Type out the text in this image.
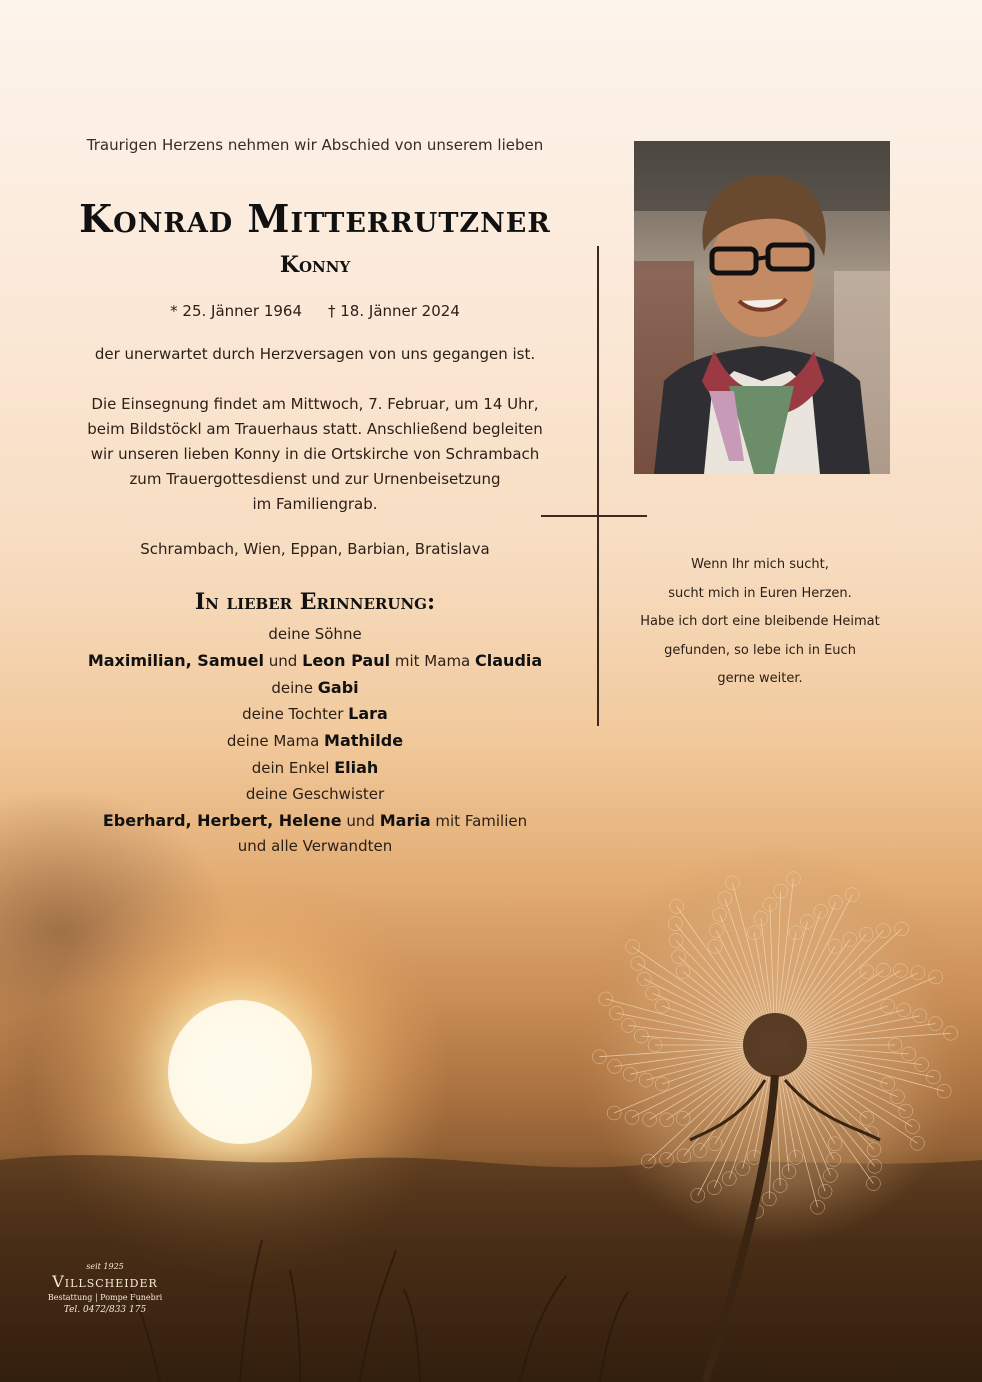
Traurigen Herzens nehmen wir Abschied von unserem lieben
Konrad Mitterrutzner
Konny
* 25. Jänner 1964 † 18. Jänner 2024
der unerwartet durch Herzversagen von uns gegangen ist.
Die Einsegnung findet am Mittwoch, 7. Februar, um 14 Uhr,
beim Bildstöckl am Trauerhaus statt. Anschließend begleiten
wir unseren lieben Konny in die Ortskirche von Schrambach
zum Trauergottesdienst und zur Urnenbeisetzung
im Familiengrab.
Schrambach, Wien, Eppan, Barbian, Bratislava
In lieber Erinnerung:
deine Söhne
Maximilian, Samuel und Leon Paul mit Mama Claudia
deine Gabi
deine Tochter Lara
deine Mama Mathilde
dein Enkel Eliah
deine Geschwister
Eberhard, Herbert, Helene und Maria mit Familien
und alle Verwandten
Wenn Ihr mich sucht,
sucht mich in Euren Herzen.
Habe ich dort eine bleibende Heimat
gefunden, so lebe ich in Euch
gerne weiter.
seit 1925
Villscheider
Bestattung | Pompe Funebri
Tel. 0472/833 175
